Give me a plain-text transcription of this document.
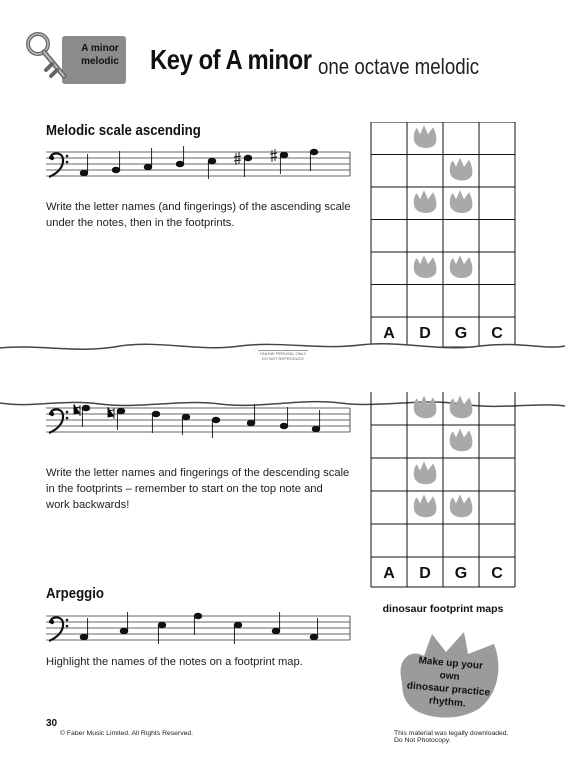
A minor
melodic Key of A minor one octave melodic
Melodic scale ascending
Write the letter names (and fingerings) of the ascending scale
under the notes, then in the footprints.
A D G C
ONLINE PERUSAL ONLY
DO NOT REPRODUCE
Write the letter names and fingerings of the descending scale
in the footprints – remember to start on the top note and
work backwards!
A D G C
dinosaur footprint maps
Arpeggio
Highlight the names of the notes on a footprint map.	Make up your own
dinosaur practice
rhythm.
30
© Faber Music Limited. All Rights Reserved.	This material was legally downloaded.
Do Not Photocopy.
